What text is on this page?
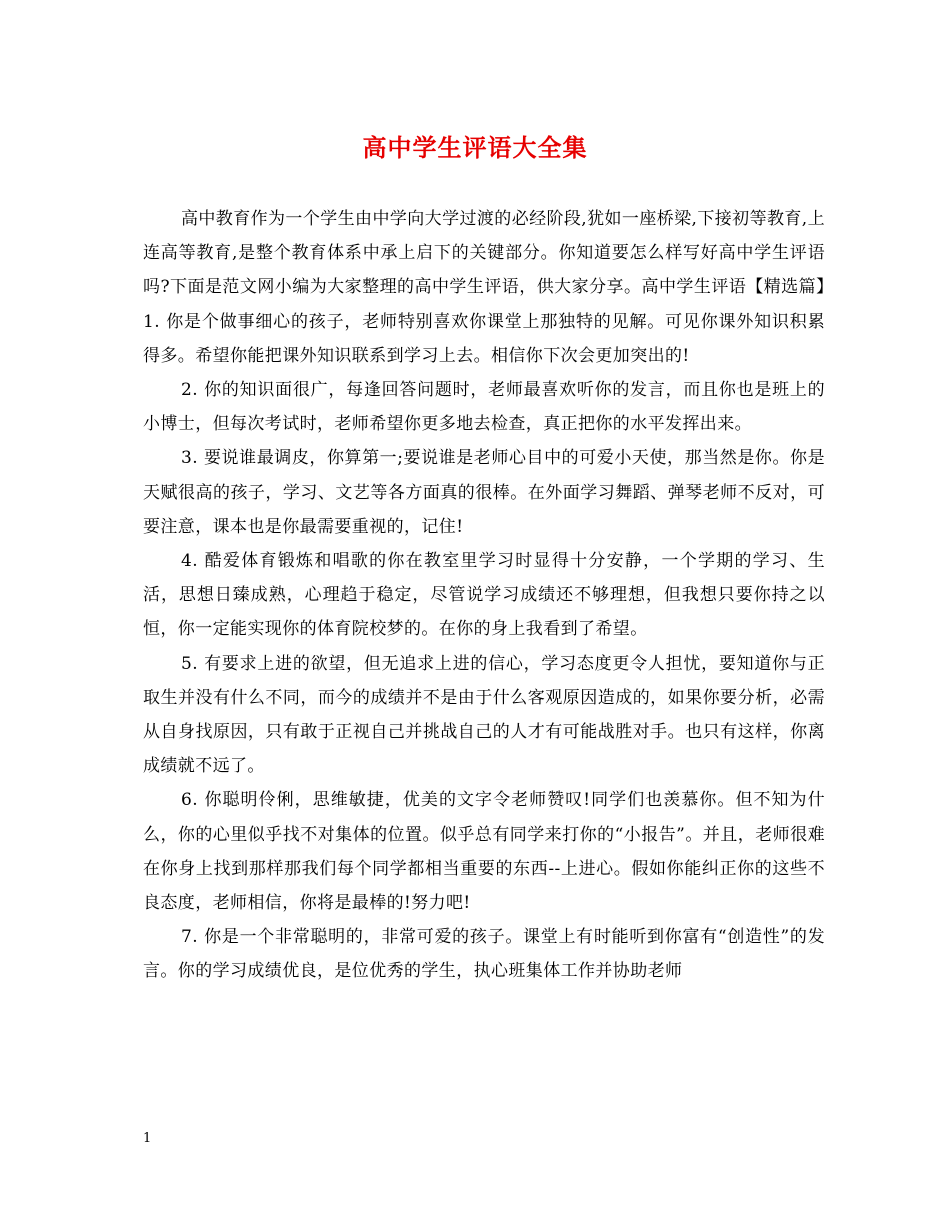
高中学生评语大全集

高中教育作为一个学生由中学向大学过渡的必经阶段,犹如一座桥梁,下接初等教育,上连高等教育,是整个教育体系中承上启下的关键部分。你知道要怎么样写好高中学生评语吗?下面是范文网小编为大家整理的高中学生评语，供大家分享。高中学生评语【精选篇】　　1. 你是个做事细心的孩子，老师特别喜欢你课堂上那独特的见解。可见你课外知识积累得多。希望你能把课外知识联系到学习上去。相信你下次会更加突出的!

2. 你的知识面很广，每逢回答问题时，老师最喜欢听你的发言，而且你也是班上的小博士，但每次考试时，老师希望你更多地去检查，真正把你的水平发挥出来。

3. 要说谁最调皮，你算第一;要说谁是老师心目中的可爱小天使，那当然是你。你是天赋很高的孩子，学习、文艺等各方面真的很棒。在外面学习舞蹈、弹琴老师不反对，可要注意，课本也是你最需要重视的，记住!

4. 酷爱体育锻炼和唱歌的你在教室里学习时显得十分安静，一个学期的学习、生活，思想日臻成熟，心理趋于稳定，尽管说学习成绩还不够理想，但我想只要你持之以恒，你一定能实现你的体育院校梦的。在你的身上我看到了希望。

5. 有要求上进的欲望，但无追求上进的信心，学习态度更令人担忧，要知道你与正取生并没有什么不同，而今的成绩并不是由于什么客观原因造成的，如果你要分析，必需从自身找原因，只有敢于正视自己并挑战自己的人才有可能战胜对手。也只有这样，你离成绩就不远了。

6. 你聪明伶俐，思维敏捷，优美的文字令老师赞叹!同学们也羡慕你。但不知为什么，你的心里似乎找不对集体的位置。似乎总有同学来打你的“小报告”。并且，老师很难在你身上找到那样那我们每个同学都相当重要的东西--上进心。假如你能纠正你的这些不良态度，老师相信，你将是最棒的!努力吧!

7. 你是一个非常聪明的，非常可爱的孩子。课堂上有时能听到你富有“创造性”的发言。你的学习成绩优良，是位优秀的学生，执心班集体工作并协助老师

1
